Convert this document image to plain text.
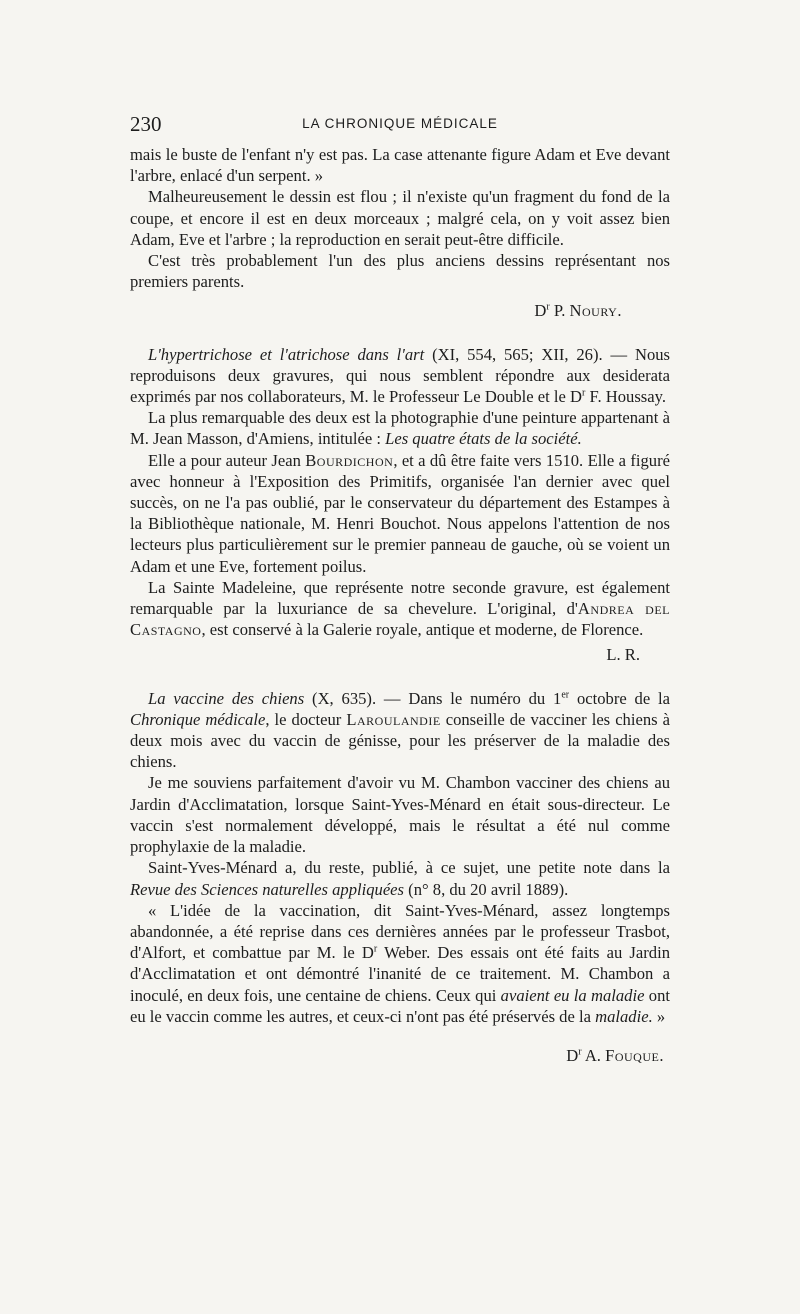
230	LA CHRONIQUE MÉDICALE

mais le buste de l'enfant n'y est pas. La case attenante figure Adam et Eve devant l'arbre, enlacé d'un serpent. »

Malheureusement le dessin est flou ; il n'existe qu'un fragment du fond de la coupe, et encore il est en deux morceaux ; malgré cela, on y voit assez bien Adam, Eve et l'arbre ; la reproduction en serait peut-être difficile.

C'est très probablement l'un des plus anciens dessins représentant nos premiers parents.

$D^r$ P. Noury.

L'hypertrichose et l'atrichose dans l'art (XI, 554, 565; XII, 26). — Nous reproduisons deux gravures, qui nous semblent répondre aux desiderata exprimés par nos collaborateurs, M. le Professeur Le Double et le $D^r$ F. Houssay.

La plus remarquable des deux est la photographie d'une peinture appartenant à M. Jean Masson, d'Amiens, intitulée : Les quatre états de la société.

Elle a pour auteur Jean Bourdichon, et a dû être faite vers 1510. Elle a figuré avec honneur à l'Exposition des Primitifs, organisée l'an dernier avec quel succès, on ne l'a pas oublié, par le conservateur du département des Estampes à la Bibliothèque nationale, M. Henri Bouchot. Nous appelons l'attention de nos lecteurs plus particulièrement sur le premier panneau de gauche, où se voient un Adam et une Eve, fortement poilus.

La Sainte Madeleine, que représente notre seconde gravure, est également remarquable par la luxuriance de sa chevelure. L'original, d'Andrea del Castagno, est conservé à la Galerie royale, antique et moderne, de Florence.

L. R.

La vaccine des chiens (X, 635). — Dans le numéro du 1er octobre de la Chronique médicale, le docteur Laroulandie conseille de vacciner les chiens à deux mois avec du vaccin de génisse, pour les préserver de la maladie des chiens.

Je me souviens parfaitement d'avoir vu M. Chambon vacciner des chiens au Jardin d'Acclimatation, lorsque Saint-Yves-Ménard en était sous-directeur. Le vaccin s'est normalement développé, mais le résultat a été nul comme prophylaxie de la maladie.

Saint-Yves-Ménard a, du reste, publié, à ce sujet, une petite note dans la Revue des Sciences naturelles appliquées (n° 8, du 20 avril 1889).

« L'idée de la vaccination, dit Saint-Yves-Ménard, assez longtemps abandonnée, a été reprise dans ces dernières années par le professeur Trasbot, d'Alfort, et combattue par M. le $D^r$ Weber. Des essais ont été faits au Jardin d'Acclimatation et ont démontré l'inanité de ce traitement. M. Chambon a inoculé, en deux fois, une centaine de chiens. Ceux qui avaient eu la maladie ont eu le vaccin comme les autres, et ceux-ci n'ont pas été préservés de la maladie. »

$D^r$ A. Fouque.
